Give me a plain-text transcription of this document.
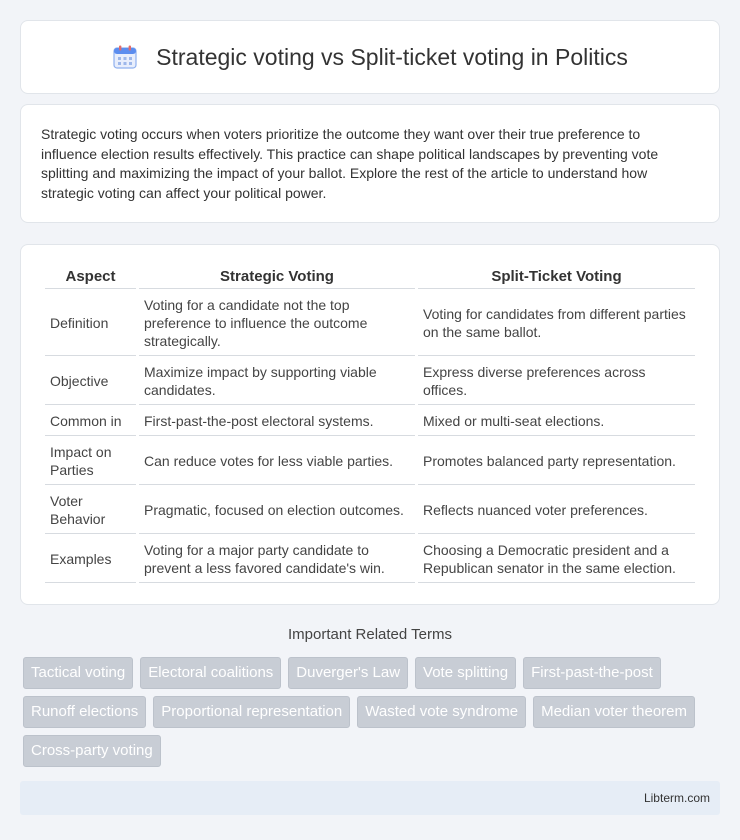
Strategic voting vs Split-ticket voting in Politics

Strategic voting occurs when voters prioritize the outcome they want over their true preference to influence election results effectively. This practice can shape political landscapes by preventing vote splitting and maximizing the impact of your ballot. Explore the rest of the article to understand how strategic voting can affect your political power.

Aspect	Strategic Voting	Split-Ticket Voting
Definition	Voting for a candidate not the top preference to influence the outcome strategically.	Voting for candidates from different parties on the same ballot.
Objective	Maximize impact by supporting viable candidates.	Express diverse preferences across offices.
Common in	First-past-the-post electoral systems.	Mixed or multi-seat elections.
Impact on Parties	Can reduce votes for less viable parties.	Promotes balanced party representation.
Voter Behavior	Pragmatic, focused on election outcomes.	Reflects nuanced voter preferences.
Examples	Voting for a major party candidate to prevent a less favored candidate's win.	Choosing a Democratic president and a Republican senator in the same election.
Important Related Terms
Tactical voting	Electoral coalitions	Duverger's Law	Vote splitting	First-past-the-post
Runoff elections	Proportional representation	Wasted vote syndrome	Median voter theorem
Cross-party voting
Libterm.com
